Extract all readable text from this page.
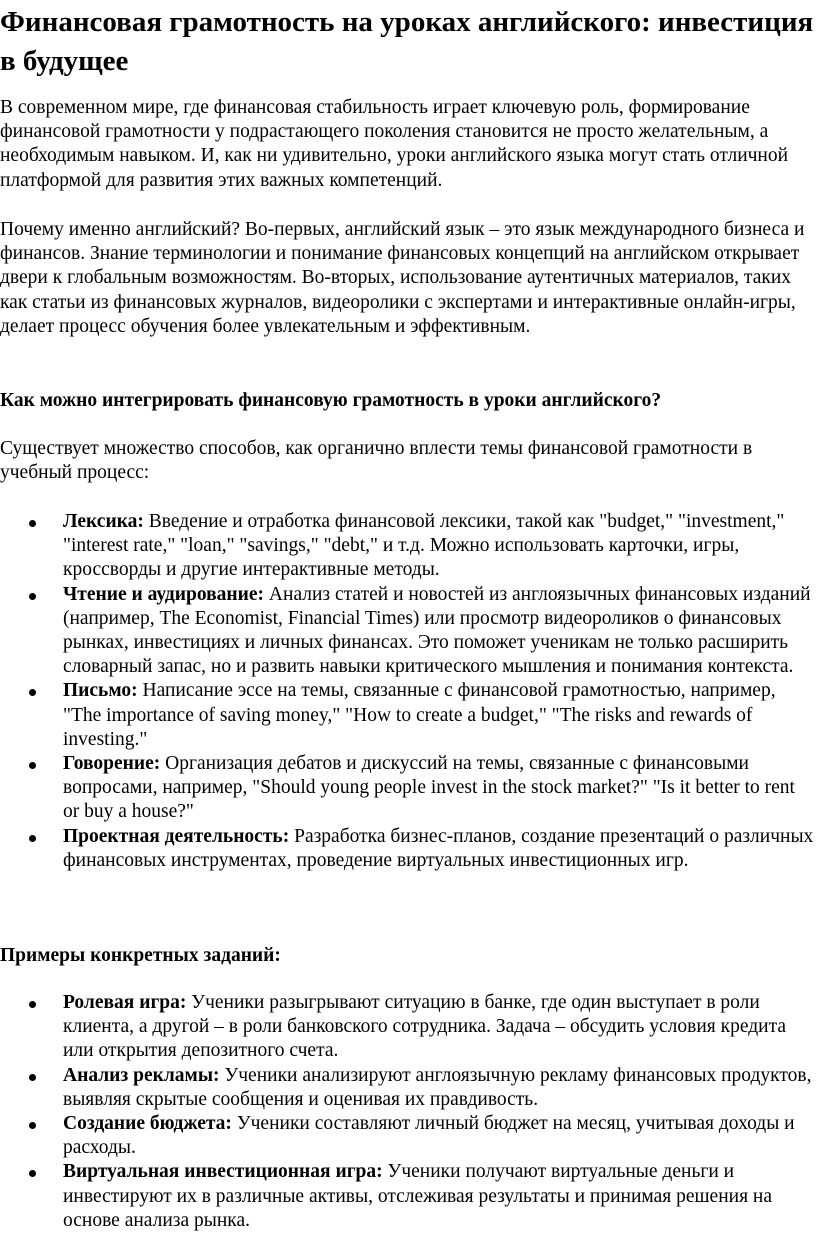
Финансовая грамотность на уроках английского: инвестиция в будущее

В современном мире, где финансовая стабильность играет ключевую роль, формирование финансовой грамотности у подрастающего поколения становится не просто желательным, а необходимым навыком. И, как ни удивительно, уроки английского языка могут стать отличной платформой для развития этих важных компетенций.

Почему именно английский? Во-первых, английский язык – это язык международного бизнеса и финансов. Знание терминологии и понимание финансовых концепций на английском открывает двери к глобальным возможностям. Во-вторых, использование аутентичных материалов, таких как статьи из финансовых журналов, видеоролики с экспертами и интерактивные онлайн-игры, делает процесс обучения более увлекательным и эффективным.

Как можно интегрировать финансовую грамотность в уроки английского?

Существует множество способов, как органично вплести темы финансовой грамотности в учебный процесс:

Лексика: Введение и отработка финансовой лексики, такой как "budget," "investment," "interest rate," "loan," "savings," "debt," и т.д. Можно использовать карточки, игры, кроссворды и другие интерактивные методы.
Чтение и аудирование: Анализ статей и новостей из англоязычных финансовых изданий (например, The Economist, Financial Times) или просмотр видеороликов о финансовых рынках, инвестициях и личных финансах. Это поможет ученикам не только расширить словарный запас, но и развить навыки критического мышления и понимания контекста.
Письмо: Написание эссе на темы, связанные с финансовой грамотностью, например, "The importance of saving money," "How to create a budget," "The risks and rewards of investing."
Говорение: Организация дебатов и дискуссий на темы, связанные с финансовыми вопросами, например, "Should young people invest in the stock market?" "Is it better to rent or buy a house?"
Проектная деятельность: Разработка бизнес-планов, создание презентаций о различных финансовых инструментах, проведение виртуальных инвестиционных игр.
Примеры конкретных заданий:
Ролевая игра: Ученики разыгрывают ситуацию в банке, где один выступает в роли клиента, а другой – в роли банковского сотрудника. Задача – обсудить условия кредита или открытия депозитного счета.
Анализ рекламы: Ученики анализируют англоязычную рекламу финансовых продуктов, выявляя скрытые сообщения и оценивая их правдивость.
Создание бюджета: Ученики составляют личный бюджет на месяц, учитывая доходы и расходы.
Виртуальная инвестиционная игра: Ученики получают виртуальные деньги и инвестируют их в различные активы, отслеживая результаты и принимая решения на основе анализа рынка.
